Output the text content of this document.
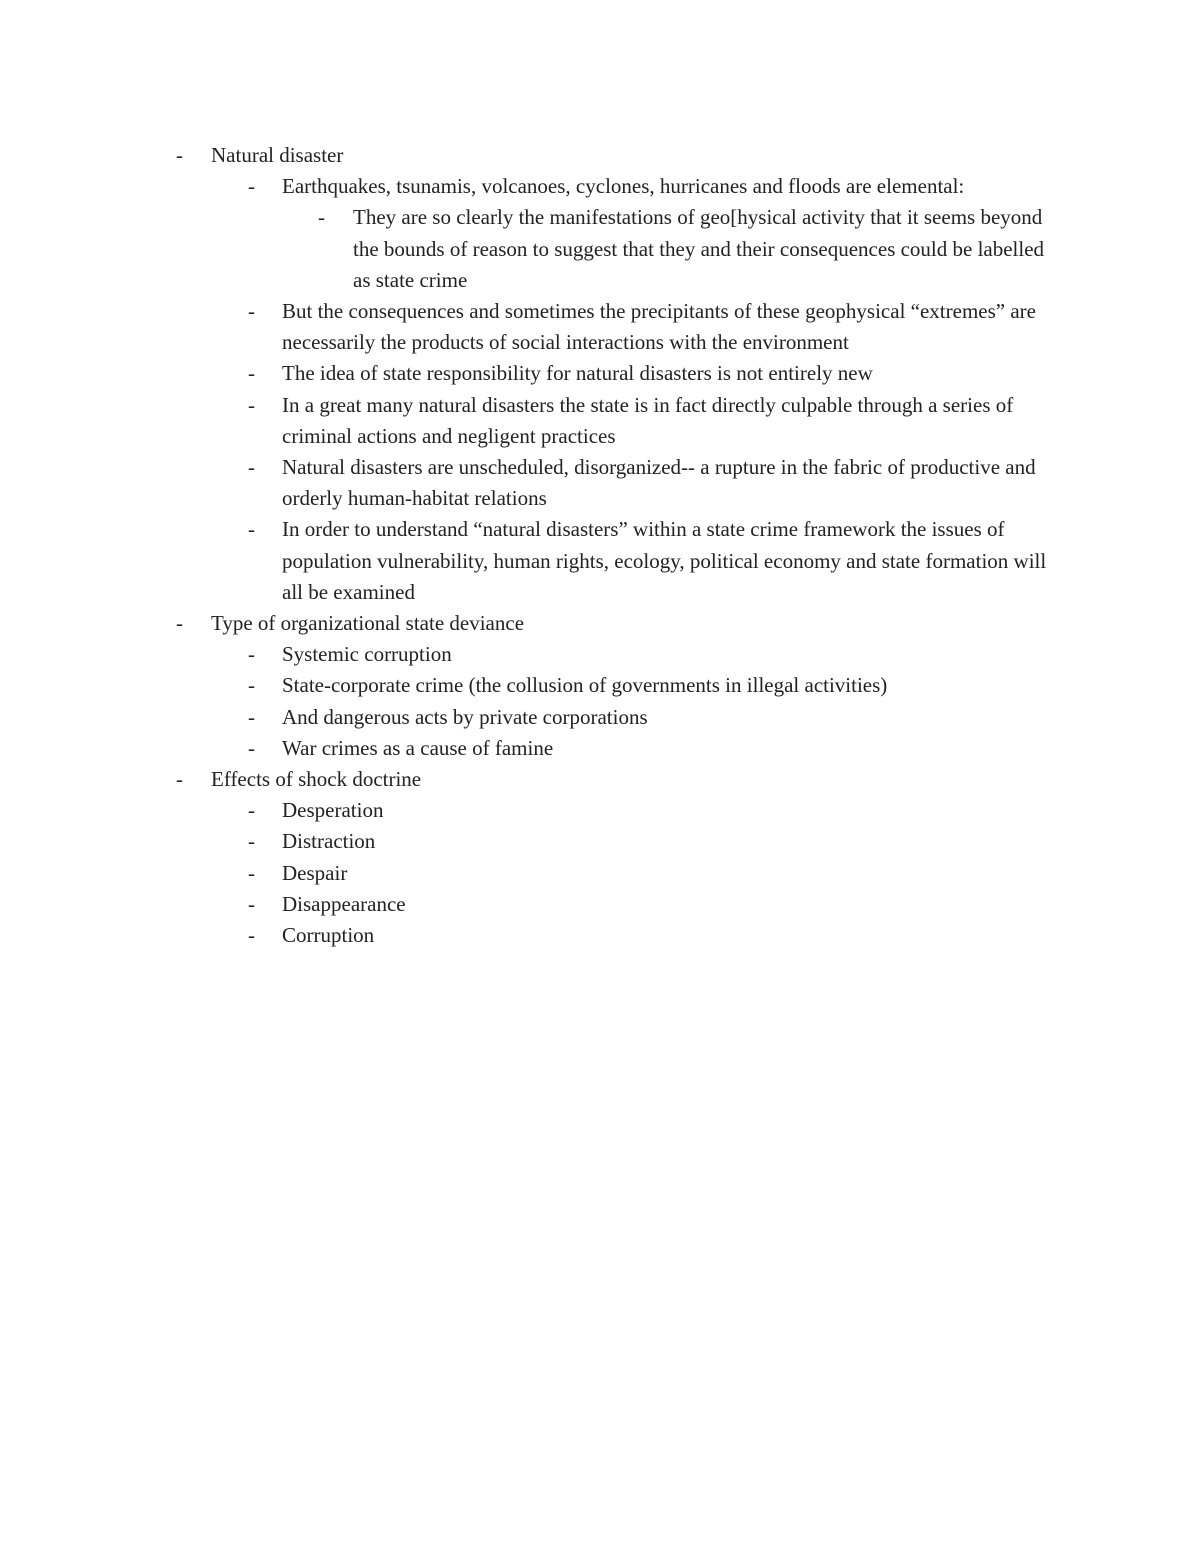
- Natural disaster
- Earthquakes, tsunamis, volcanoes, cyclones, hurricanes and floods are elemental:
- They are so clearly the manifestations of geo[hysical activity that it seems beyond the bounds of reason to suggest that they and their consequences could be labelled as state crime
- But the consequences and sometimes the precipitants of these geophysical “extremes” are necessarily the products of social interactions with the environment
- The idea of state responsibility for natural disasters is not entirely new
- In a great many natural disasters the state is in fact directly culpable through a series of criminal actions and negligent practices
- Natural disasters are unscheduled, disorganized-- a rupture in the fabric of productive and orderly human-habitat relations
- In order to understand “natural disasters” within a state crime framework the issues of population vulnerability, human rights, ecology, political economy and state formation will all be examined
- Type of organizational state deviance
- Systemic corruption
- State-corporate crime (the collusion of governments in illegal activities)
- And dangerous acts by private corporations
- War crimes as a cause of famine
- Effects of shock doctrine
- Desperation
- Distraction
- Despair
- Disappearance
- Corruption
